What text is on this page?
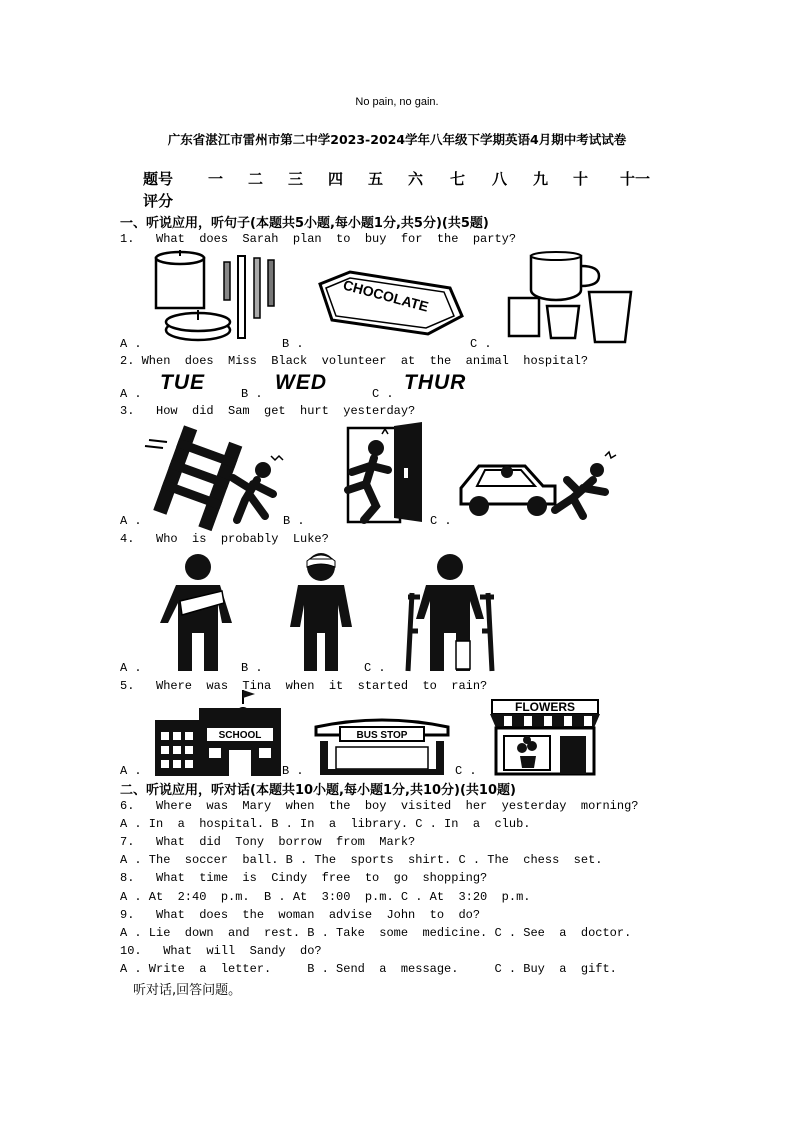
No pain, no gain.
广东省湛江市雷州市第二中学2023-2024学年八年级下学期英语4月期中考试试卷
题号 一 二 三 四 五 六 七 八 九 十 十一
评分
一、听说应用，听句子(本题共5小题,每小题1分,共5分)(共5题)
1.   What  does  Sarah  plan  to  buy  for  the  party?
CHOCOLATE
A .	B .	C .
2. When  does  Miss  Black  volunteer  at  the  animal  hospital?
A . TUE	B . WED	C . THUR
3.   How  did  Sam  get  hurt  yesterday?
A .	B .	C .
4.   Who  is  probably  Luke?
A .	B .	C .
5.   Where  was  Tina  when  it  started  to  rain?
SCHOOL	BUS STOP
FLOWERS
A .	B .	C .
二、听说应用，听对话(本题共10小题,每小题1分,共10分)(共10题)
6.   Where  was  Mary  when  the  boy  visited  her  yesterday  morning?
A . In  a  hospital. B . In  a  library. C . In  a  club.
7.   What  did  Tony  borrow  from  Mark?
A . The  soccer  ball. B . The  sports  shirt. C . The  chess  set.
8.   What  time  is  Cindy  free  to  go  shopping?
A . At  2:40  p.m.  B . At  3:00  p.m. C . At  3:20  p.m.
9.   What  does  the  woman  advise  John  to  do?
A . Lie  down  and  rest. B . Take  some  medicine. C . See  a  doctor.
10.   What  will  Sandy  do?
A . Write  a  letter.     B . Send  a  message.     C . Buy  a  gift.
听对话,回答问题。
